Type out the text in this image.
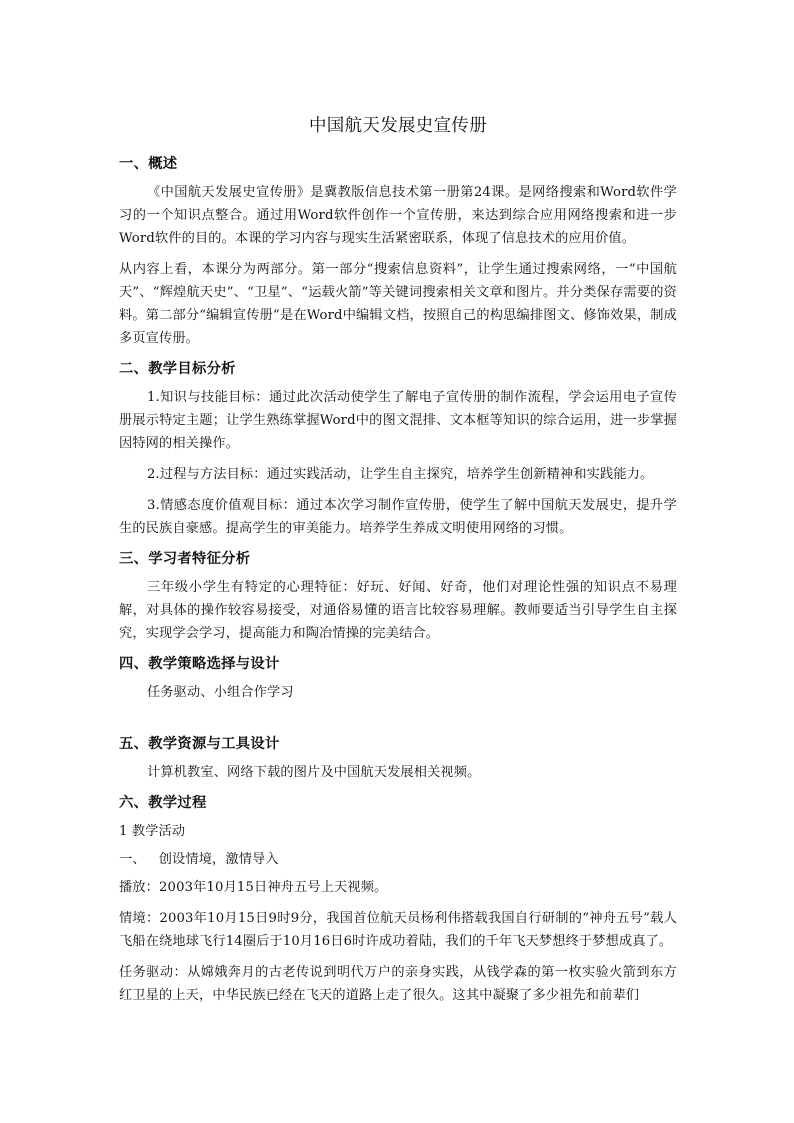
中国航天发展史宣传册
一、概述

《中国航天发展史宣传册》是冀教版信息技术第一册第24课。是网络搜索和Word软件学习的一个知识点整合。通过用Word软件创作一个宣传册，来达到综合应用网络搜索和进一步 Word软件的目的。本课的学习内容与现实生活紧密联系，体现了信息技术的应用价值。

从内容上看，本课分为两部分。第一部分“搜索信息资料”，让学生通过搜索网络，一“中国航天”、“辉煌航天史”、“卫星”、“运载火箭”等关键词搜索相关文章和图片。并分类保存需要的资料。第二部分“编辑宣传册”是在Word中编辑文档，按照自己的构思编排图文、修饰效果，制成多页宣传册。

二、教学目标分析

1.知识与技能目标：通过此次活动使学生了解电子宣传册的制作流程，学会运用电子宣传册展示特定主题；让学生熟练掌握Word中的图文混排、文本框等知识的综合运用，进一步掌握因特网的相关操作。

2.过程与方法目标：通过实践活动，让学生自主探究，培养学生创新精神和实践能力。

3.情感态度价值观目标：通过本次学习制作宣传册，使学生了解中国航天发展史，提升学生的民族自豪感。提高学生的审美能力。培养学生养成文明使用网络的习惯。

三、学习者特征分析

三年级小学生有特定的心理特征：好玩、好闻、好奇，他们对理论性强的知识点不易理解，对具体的操作较容易接受，对通俗易懂的语言比较容易理解。教师要适当引导学生自主探究，实现学会学习，提高能力和陶冶情操的完美结合。

四、教学策略选择与设计

任务驱动、小组合作学习

五、教学资源与工具设计

计算机教室、网络下载的图片及中国航天发展相关视频。

六、教学过程

1 教学活动

一、   创设情境，激情导入

播放：2003年10月15日神舟五号上天视频。

情境：2003年10月15日9时9分，我国首位航天员杨利伟搭载我国自行研制的“神舟五号”载人飞船在绕地球飞行14圈后于10月16日6时许成功着陆，我们的千年飞天梦想终于梦想成真了。

任务驱动：从嫦娥奔月的古老传说到明代万户的亲身实践，从钱学森的第一枚实验火箭到东方红卫星的上天，中华民族已经在飞天的道路上走了很久。这其中凝聚了多少祖先和前辈们
